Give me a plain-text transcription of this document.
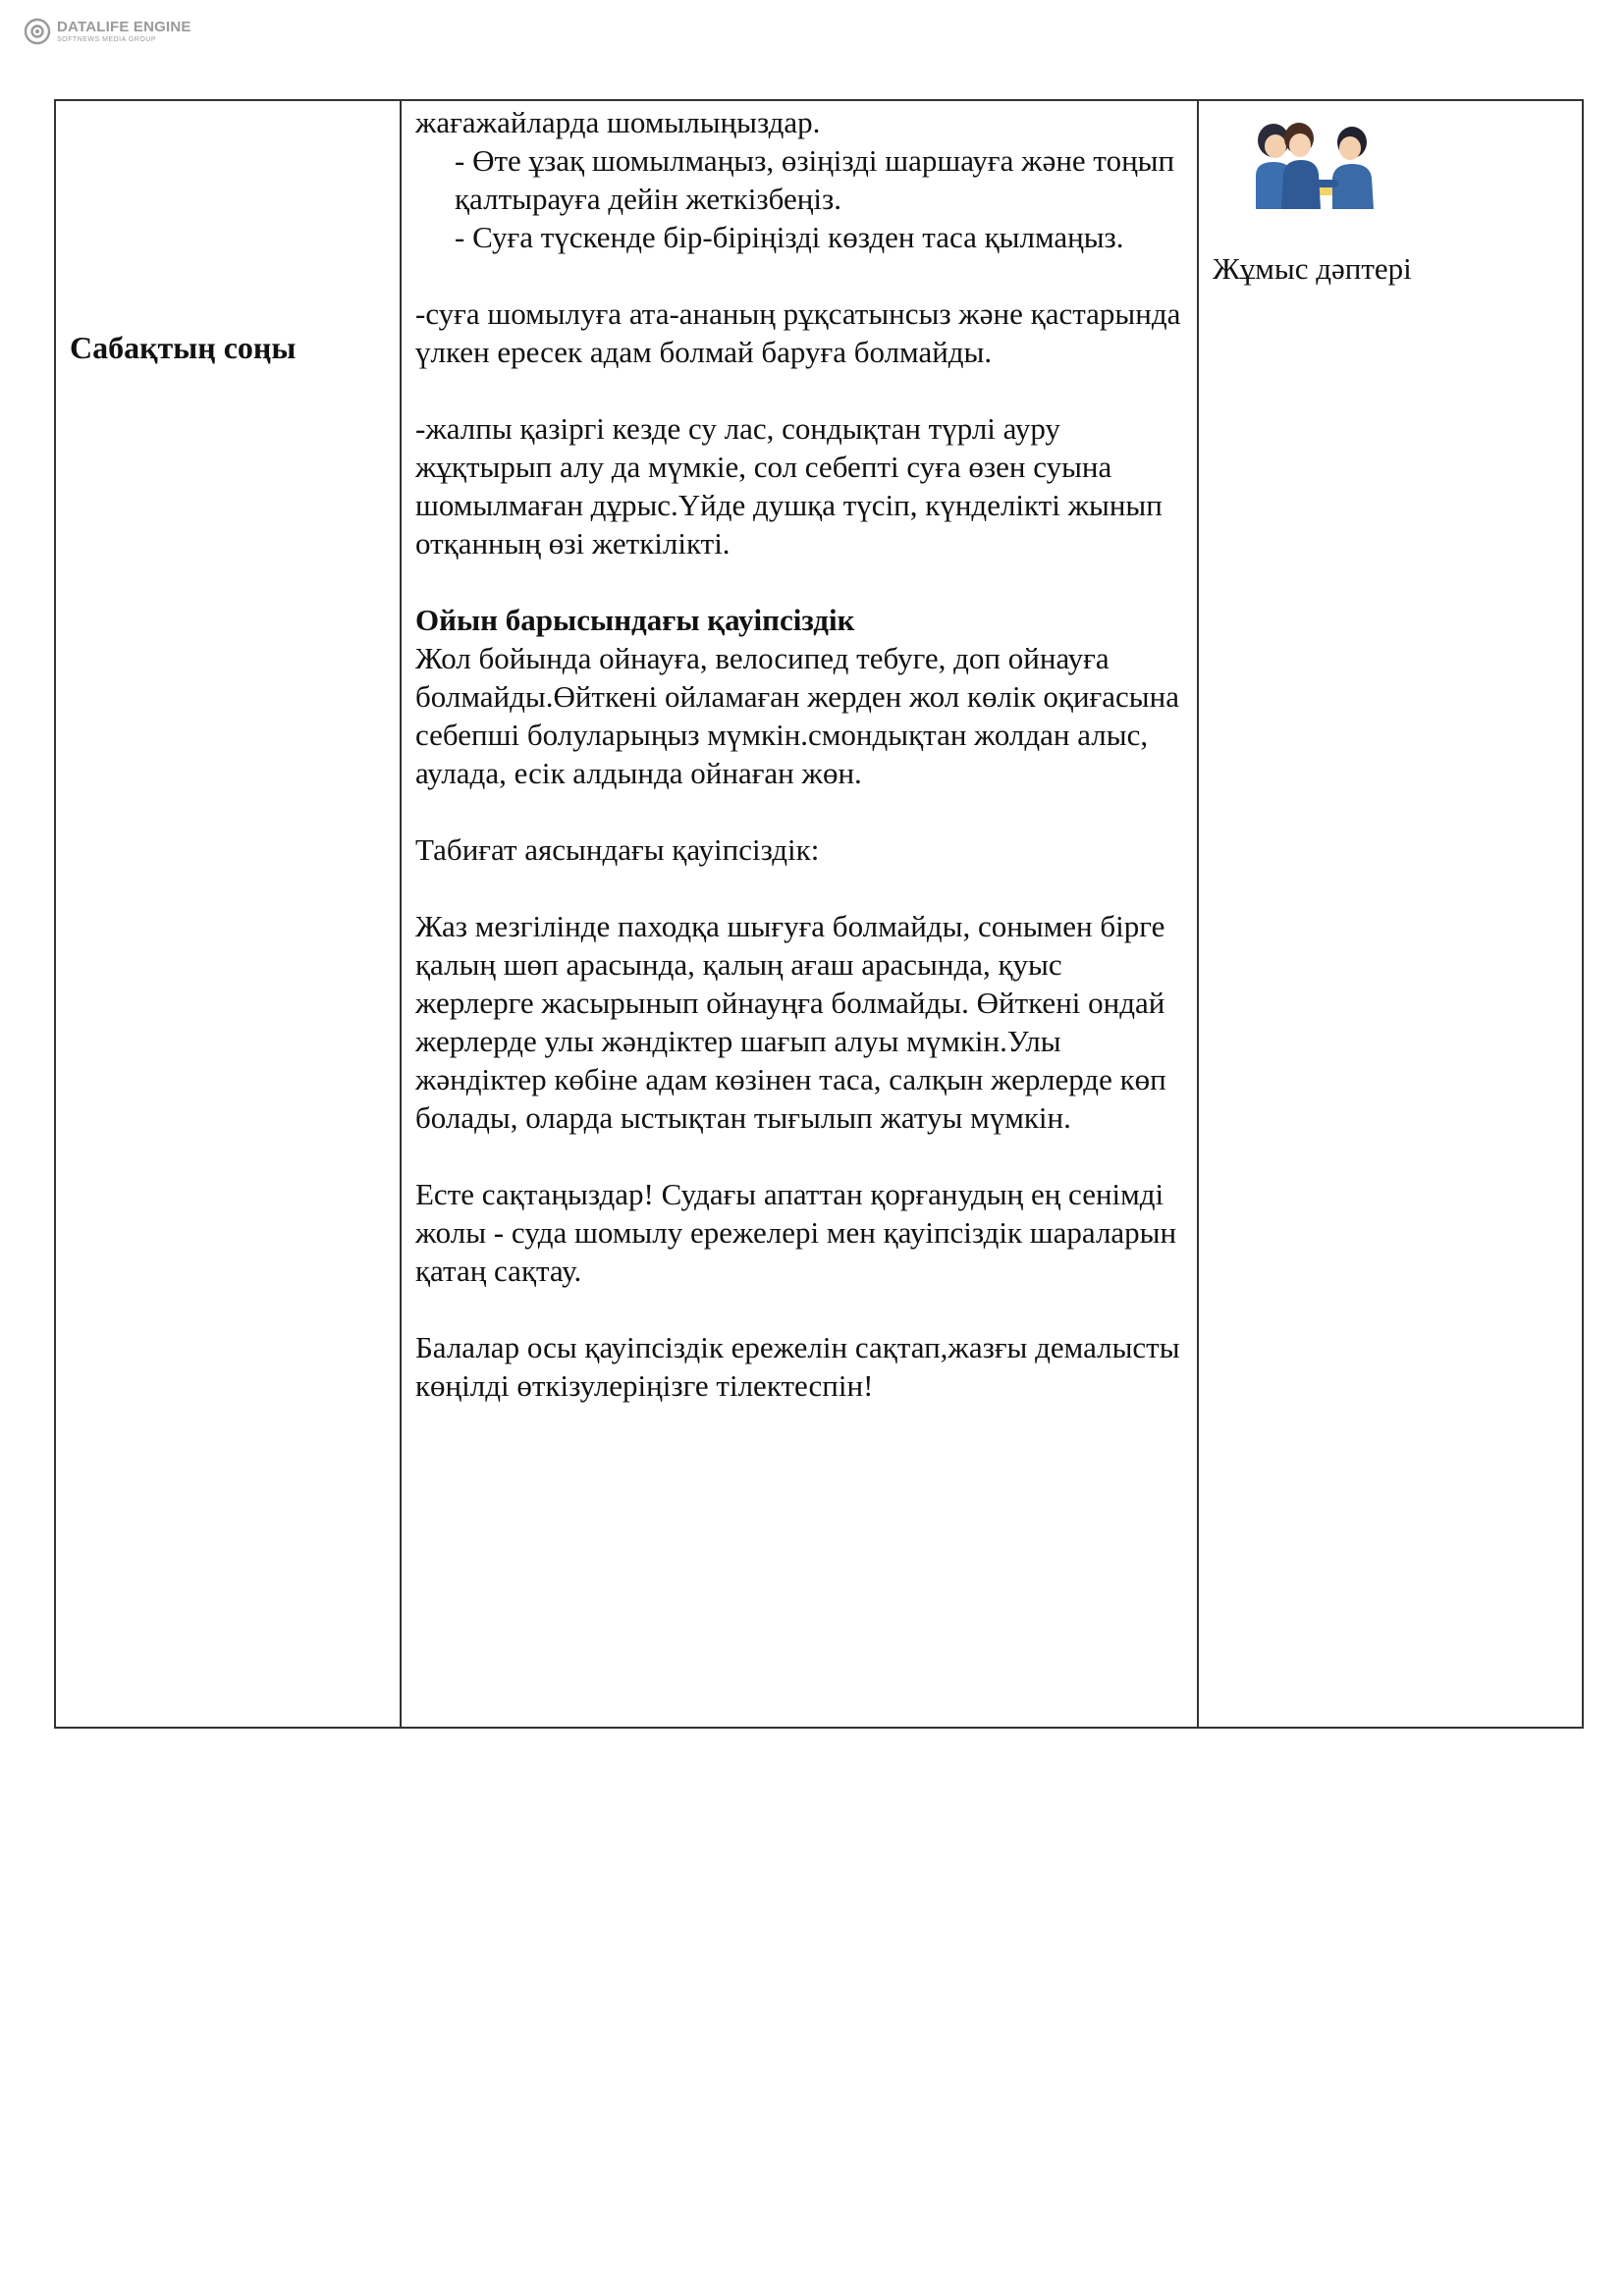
DATALIFE ENGINE
SOFTNEWS MEDIA GROUP
Сабақтың соңы

жағажайларда шомылыңыздар.

- Өте ұзақ шомылмаңыз, өзіңізді шаршауға және тоңып қалтырауға дейін жеткізбеңіз.

- Суға түскенде бір-біріңізді көзден таса қылмаңыз.

-суға шомылуға ата-ананың рұқсатынсыз және қастарында үлкен ересек адам болмай баруға болмайды.

-жалпы қазіргі кезде су лас, сондықтан түрлі ауру жұқтырып алу да мүмкіе, сол себепті суға өзен суына шомылмаған дұрыс.Үйде душқа түсіп, күнделікті жынып отқанның өзі жеткілікті.

Ойын барысындағы қауіпсіздік

Жол бойында ойнауға, велосипед тебуге, доп ойнауға болмайды.Өйткені ойламаған жерден жол көлік оқиғасына себепші болуларыңыз мүмкін.смондықтан жолдан алыс, аулада, есік алдында ойнаған жөн.

Табиғат аясындағы қауіпсіздік:

Жаз мезгілінде паходқа шығуға болмайды, сонымен бірге қалың шөп арасында, қалың ағаш арасында, қуыс жерлерге жасырынып ойнауңға болмайды. Өйткені ондай жерлерде улы жәндіктер шағып алуы мүмкін.Улы жәндіктер көбіне адам көзінен таса, салқын жерлерде көп болады, оларда ыстықтан тығылып жатуы мүмкін.

Есте сақтаңыздар! Судағы апаттан қорғанудың ең сенімді жолы - суда шомылу ережелері мен қауіпсіздік шараларын қатаң сақтау.

Балалар осы қауіпсіздік ережелін сақтап,жазғы демалысты көңілді өткізулеріңізге тілектеспін!

Жұмыс дәптері
